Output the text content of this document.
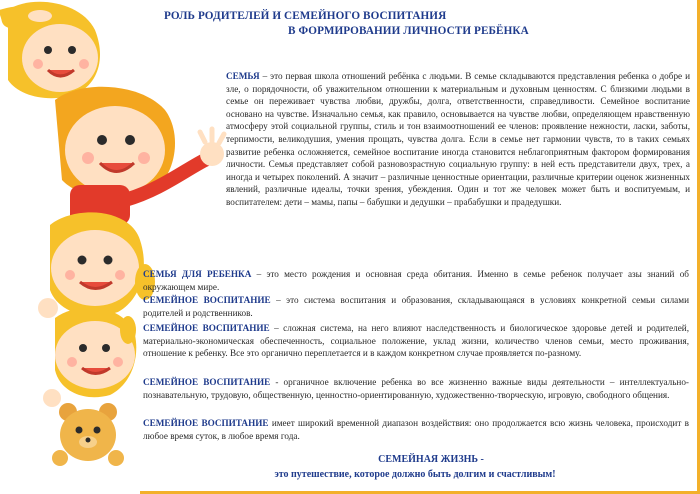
РОЛЬ РОДИТЕЛЕЙ И СЕМЕЙНОГО ВОСПИТАНИЯ
В ФОРМИРОВАНИИ ЛИЧНОСТИ РЕБЁНКА

СЕМЬЯ – это первая школа отношений ребёнка с людьми. В семье складываются представления ребенка о добре и зле, о порядочности, об уважительном отношении к материальным и духовным ценностям. С близкими людьми в семье он переживает чувства любви, дружбы, долга, ответственности, справедливости. Семейное воспитание основано на чувстве. Изначально семья, как правило, основывается на чувстве любви, определяющем нравственную атмосферу этой социальной группы, стиль и тон взаимоотношений ее членов: проявление нежности, ласки, заботы, терпимости, великодушия, умения прощать, чувства долга. Если в семье нет гармонии чувств, то в таких семьях развитие ребенка осложняется, семейное воспитание иногда становится неблагоприятным фактором формирования личности. Семья представляет собой разновозрастную социальную группу: в ней есть представители двух, трех, а иногда и четырех поколений. А значит – различные ценностные ориентации, различные критерии оценок жизненных явлений, различные идеалы, точки зрения, убеждения. Один и тот же человек может быть и воспитуемым, и воспитателем: дети – мамы, папы – бабушки и дедушки – прабабушки и прадедушки.

СЕМЬЯ ДЛЯ РЕБЕНКА – это место рождения и основная среда обитания. Именно в семье ребенок получает азы знаний об окружающем мире.

СЕМЕЙНОЕ ВОСПИТАНИЕ – это система воспитания и образования, складывающаяся в условиях конкретной семьи силами родителей и родственников.

СЕМЕЙНОЕ ВОСПИТАНИЕ – сложная система, на него влияют наследственность и биологическое здоровье детей и родителей, материально-экономическая обеспеченность, социальное положение, уклад жизни, количество членов семьи, место проживания, отношение к ребенку. Все это органично переплетается и в каждом конкретном случае проявляется по-разному.

СЕМЕЙНОЕ ВОСПИТАНИЕ - органичное включение ребенка во все жизненно важные виды деятельности – интеллектуально-познавательную, трудовую, общественную, ценностно-ориентированную, художественно-творческую, игровую, свободного общения.

СЕМЕЙНОЕ ВОСПИТАНИЕ имеет широкий временной диапазон воздействия: оно продолжается всю жизнь человека, происходит в любое время суток, в любое время года.

СЕМЕЙНАЯ ЖИЗНЬ -
это путешествие, которое должно быть долгим и счастливым!
